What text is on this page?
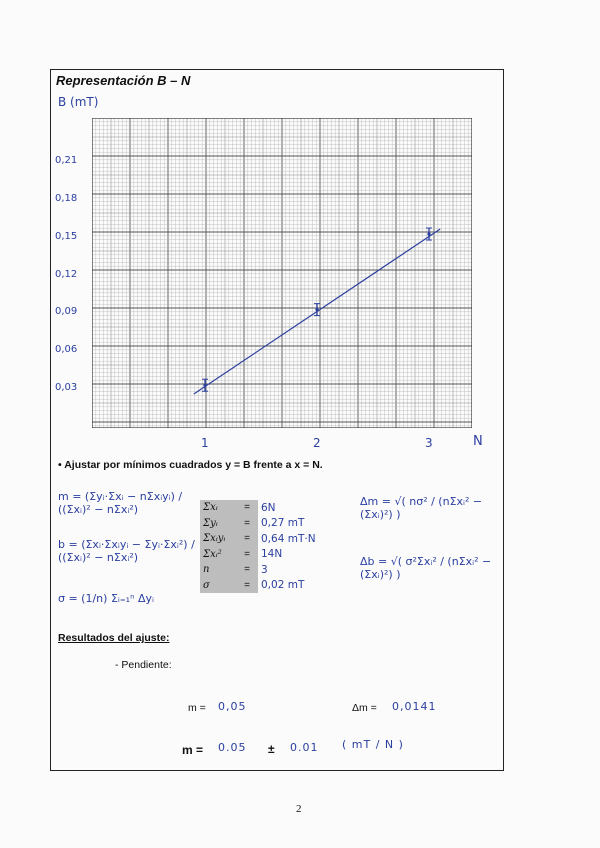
Representación B – N
B (mT)
0,21
0,18
0,15
0,12
0,09
0,06
0,03
1	2	3	N
• Ajustar por mínimos cuadrados y = B frente a x = N.
m = (Σyᵢ·Σxᵢ − nΣxᵢyᵢ) / ((Σxᵢ)² − nΣxᵢ²)
b = (Σxᵢ·Σxᵢyᵢ − Σyᵢ·Σxᵢ²) / ((Σxᵢ)² − nΣxᵢ²)
σ = (1/n) Σᵢ₌₁ⁿ Δyᵢ
Δm = √( nσ² / (nΣxᵢ² − (Σxᵢ)²) )
Δb = √( σ²Σxᵢ² / (nΣxᵢ² − (Σxᵢ)²) )
Σxᵢ	=	6N
Σyᵢ	=	0,27 mT
Σxᵢyᵢ	=	0,64 mT·N
Σxᵢ²	=	14N
n	=	3
σ	=	0,02 mT
Resultados del ajuste:
- Pendiente:
m = 0,05	Δm = 0,0141
m = 0.05 ± 0.01 ( mT / N )
2
